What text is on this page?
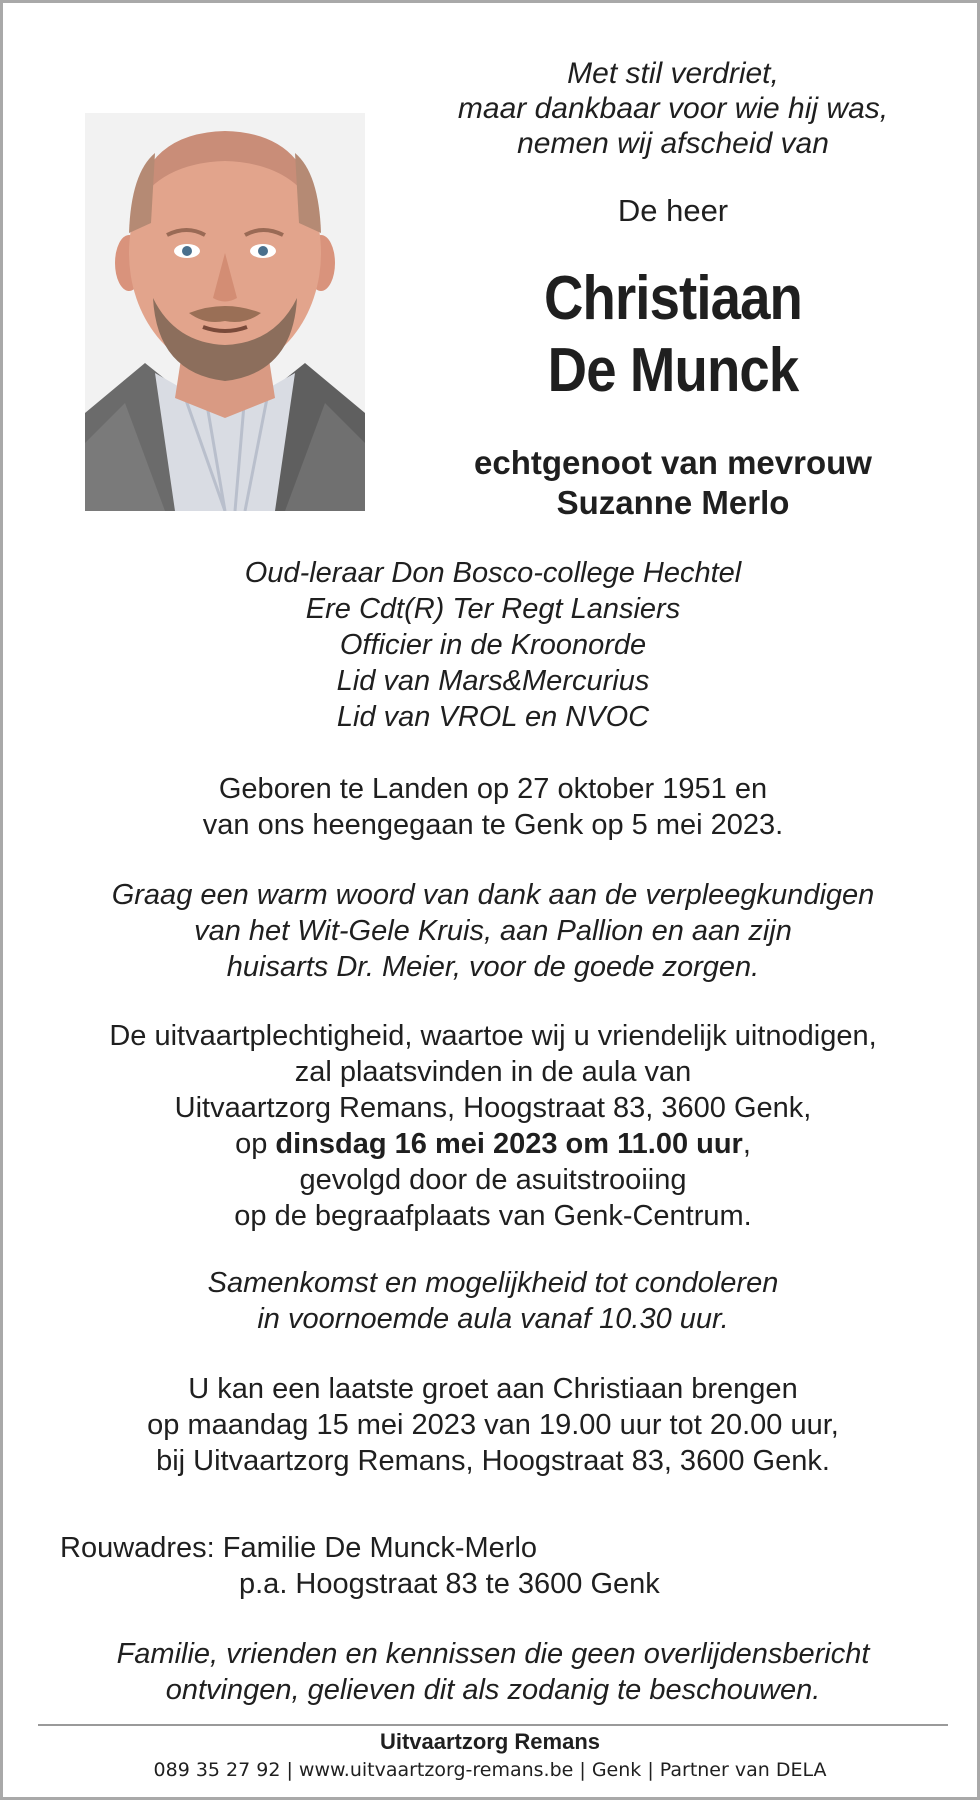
Met stil verdriet,
maar dankbaar voor wie hij was,
nemen wij afscheid van
De heer
Christiaan
De Munck
echtgenoot van mevrouw
Suzanne Merlo
Oud-leraar Don Bosco-college Hechtel
Ere Cdt(R) Ter Regt Lansiers
Officier in de Kroonorde
Lid van Mars&Mercurius
Lid van VROL en NVOC
Geboren te Landen op 27 oktober 1951 en
van ons heengegaan te Genk op 5 mei 2023.
Graag een warm woord van dank aan de verpleegkundigen
van het Wit-Gele Kruis, aan Pallion en aan zijn
huisarts Dr. Meier, voor de goede zorgen.
De uitvaartplechtigheid, waartoe wij u vriendelijk uitnodigen,
zal plaatsvinden in de aula van
Uitvaartzorg Remans, Hoogstraat 83, 3600 Genk,
op dinsdag 16 mei 2023 om 11.00 uur,
gevolgd door de asuitstrooiing
op de begraafplaats van Genk-Centrum.
Samenkomst en mogelijkheid tot condoleren
in voornoemde aula vanaf 10.30 uur.
U kan een laatste groet aan Christiaan brengen
op maandag 15 mei 2023 van 19.00 uur tot 20.00 uur,
bij Uitvaartzorg Remans, Hoogstraat 83, 3600 Genk.
Rouwadres: Familie De Munck-Merlo
p.a. Hoogstraat 83 te 3600 Genk
Familie, vrienden en kennissen die geen overlijdensbericht
ontvingen, gelieven dit als zodanig te beschouwen.
Uitvaartzorg Remans
089 35 27 92 | www.uitvaartzorg-remans.be | Genk | Partner van DELA
